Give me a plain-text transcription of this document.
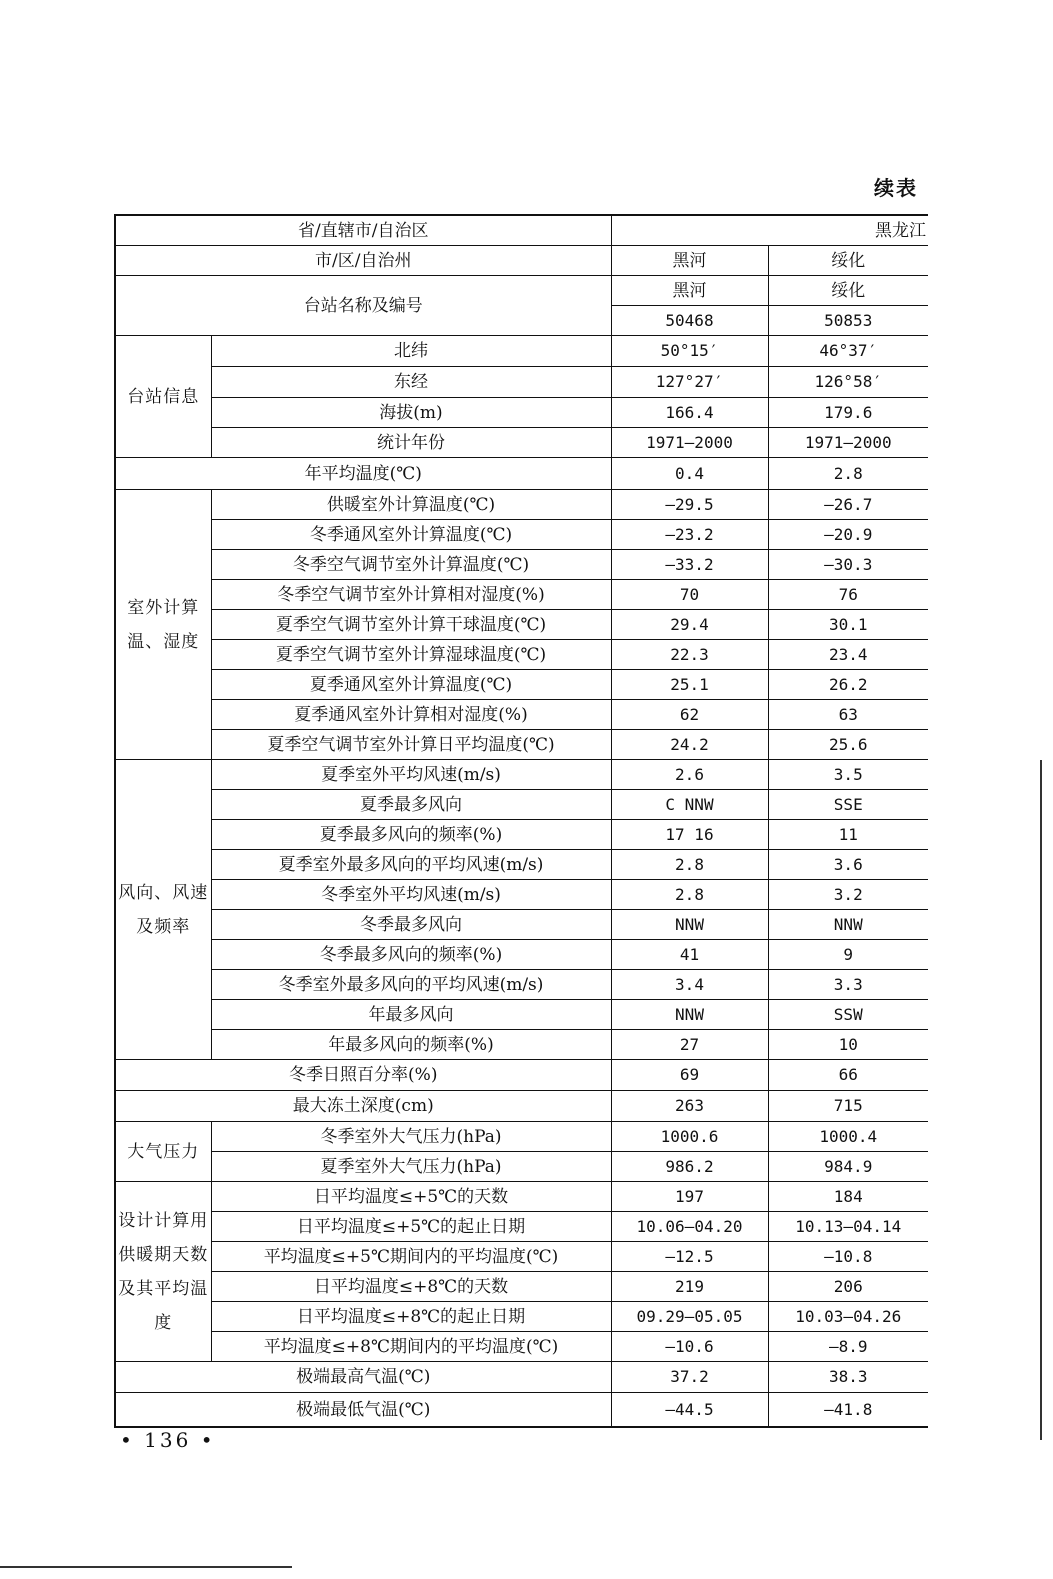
续表
省/直辖市/自治区		黑龙江	
市/区/自治州		黑河	绥化
台站名称及编号		黑河	绥化
		50468	50853
台站信息	北纬	50°15′	46°37′
	东经	127°27′	126°58′
	海拔(m)	166.4	179.6
	统计年份	1971—2000	1971—2000
年平均温度(℃)		0.4	2.8
室外计算温、湿度	供暖室外计算温度(℃)	—29.5	—26.7
	冬季通风室外计算温度(℃)	—23.2	—20.9
	冬季空气调节室外计算温度(℃)	—33.2	—30.3
	冬季空气调节室外计算相对湿度(%)	70	76
	夏季空气调节室外计算干球温度(℃)	29.4	30.1
	夏季空气调节室外计算湿球温度(℃)	22.3	23.4
	夏季通风室外计算温度(℃)	25.1	26.2
	夏季通风室外计算相对湿度(%)	62	63
	夏季空气调节室外计算日平均温度(℃)	24.2	25.6
风向、风速及频率	夏季室外平均风速(m/s)	2.6	3.5
	夏季最多风向	C NNW	SSE
	夏季最多风向的频率(%)	17 16	11
	夏季室外最多风向的平均风速(m/s)	2.8	3.6
	冬季室外平均风速(m/s)	2.8	3.2
	冬季最多风向	NNW	NNW
	冬季最多风向的频率(%)	41	9
	冬季室外最多风向的平均风速(m/s)	3.4	3.3
	年最多风向	NNW	SSW
	年最多风向的频率(%)	27	10
冬季日照百分率(%)		69	66
最大冻土深度(cm)		263	715
大气压力	冬季室外大气压力(hPa)	1000.6	1000.4
	夏季室外大气压力(hPa)	986.2	984.9
设计计算用供暖期天数及其平均温度	日平均温度≤+5℃的天数	197	184
	日平均温度≤+5℃的起止日期	10.06—04.20	10.13—04.14
	平均温度≤+5℃期间内的平均温度(℃)	—12.5	—10.8
	日平均温度≤+8℃的天数	219	206
	日平均温度≤+8℃的起止日期	09.29—05.05	10.03—04.26
	平均温度≤+8℃期间内的平均温度(℃)	—10.6	—8.9
极端最高气温(℃)		37.2	38.3
极端最低气温(℃)		—44.5	—41.8
• 136 •
